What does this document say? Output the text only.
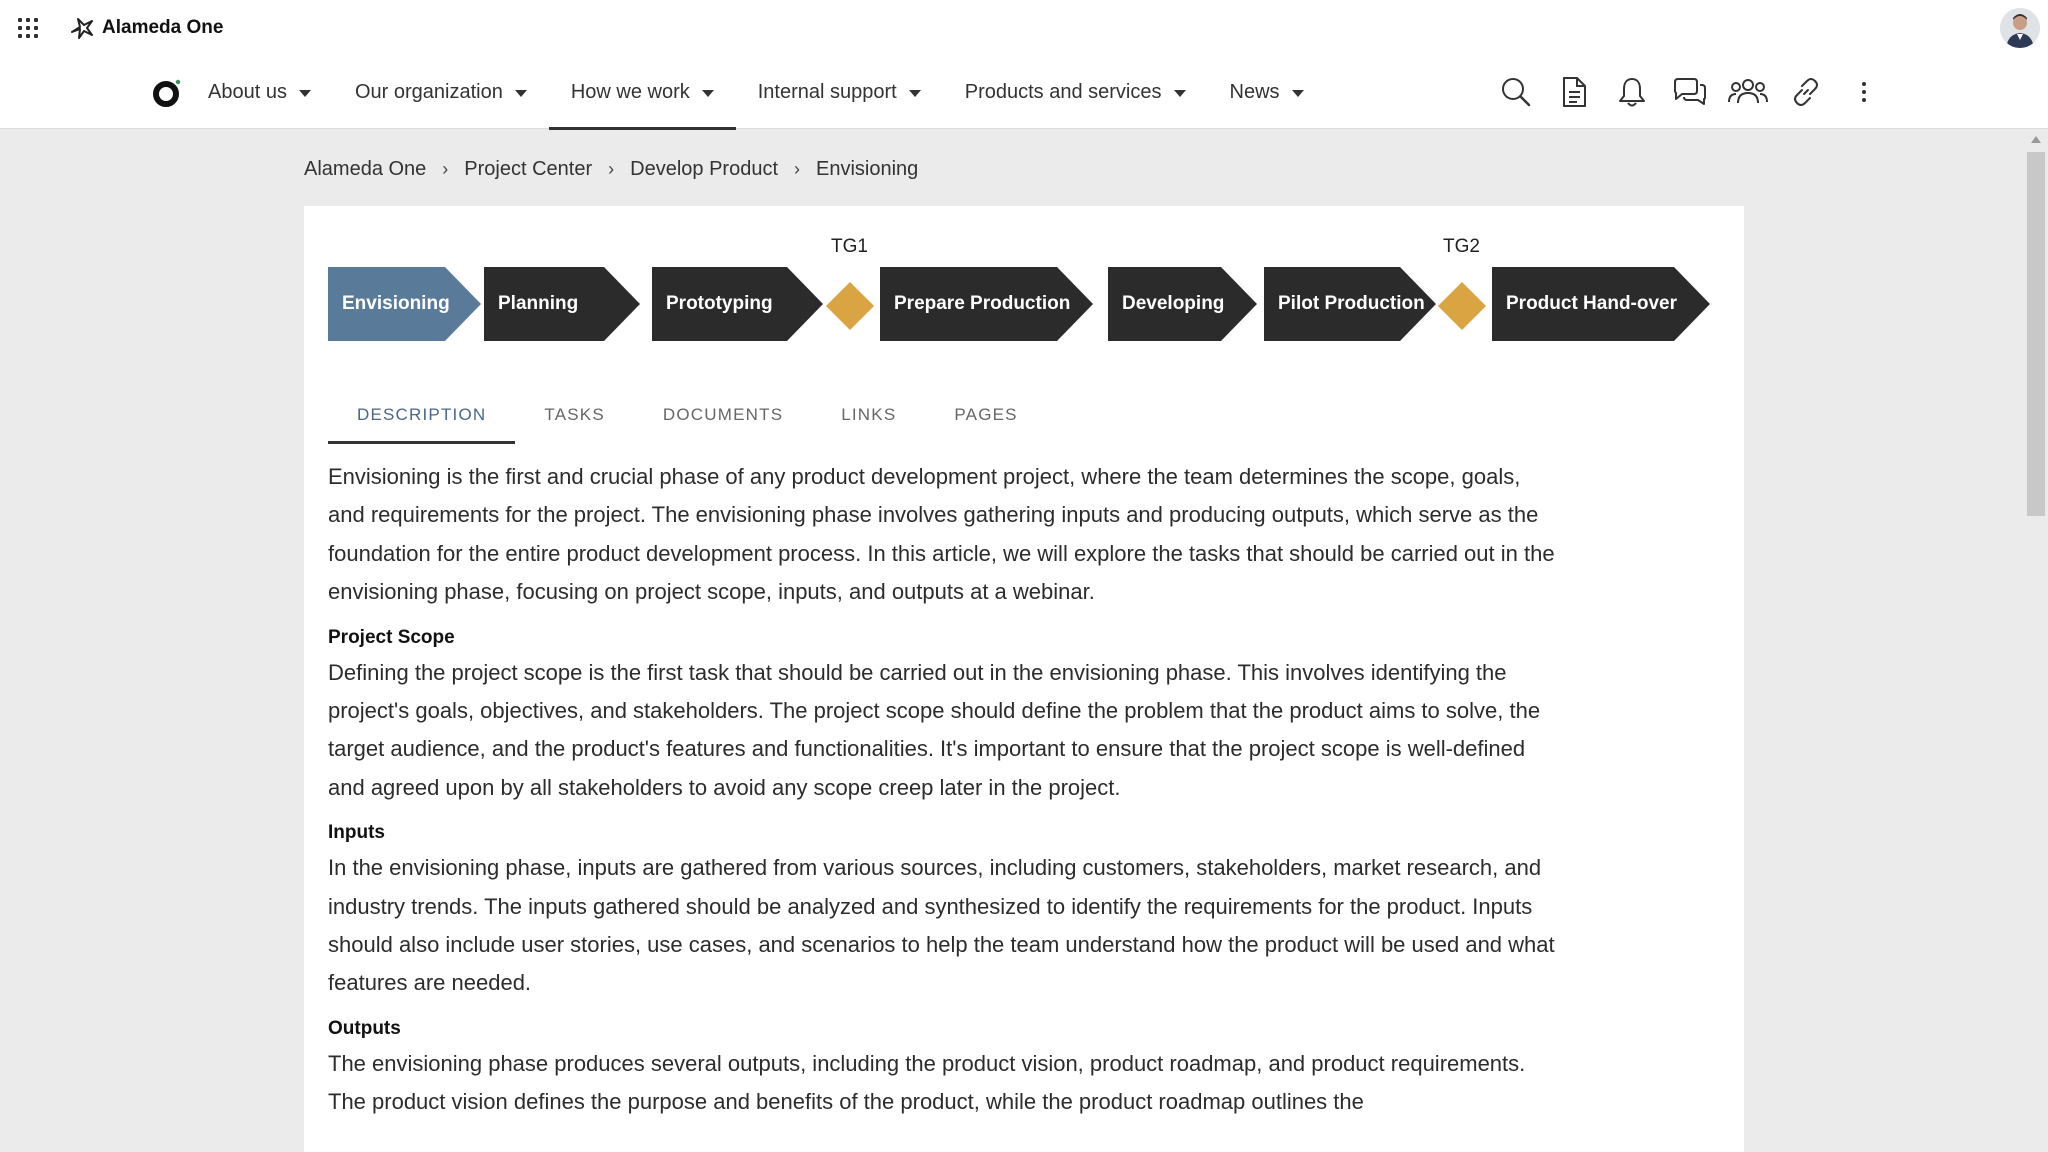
Alameda One
About us	Our organization	How we work	Internal support	Products and services	News
Alameda One › Project Center › Develop Product › Envisioning
TG1	TG2
Envisioning	Planning	Prototyping	Prepare Production	Developing	Pilot Production	Product Hand-over
DESCRIPTION	TASKS	DOCUMENTS	LINKS	PAGES

Envisioning is the first and crucial phase of any product development project, where the team determines the scope, goals, and requirements for the project. The envisioning phase involves gathering inputs and producing outputs, which serve as the foundation for the entire product development process. In this article, we will explore the tasks that should be carried out in the envisioning phase, focusing on project scope, inputs, and outputs at a webinar.

Project Scope

Defining the project scope is the first task that should be carried out in the envisioning phase. This involves identifying the project's goals, objectives, and stakeholders. The project scope should define the problem that the product aims to solve, the target audience, and the product's features and functionalities. It's important to ensure that the project scope is well-defined and agreed upon by all stakeholders to avoid any scope creep later in the project.

Inputs

In the envisioning phase, inputs are gathered from various sources, including customers, stakeholders, market research, and industry trends. The inputs gathered should be analyzed and synthesized to identify the requirements for the product. Inputs should also include user stories, use cases, and scenarios to help the team understand how the product will be used and what features are needed.

Outputs

The envisioning phase produces several outputs, including the product vision, product roadmap, and product requirements. The product vision defines the purpose and benefits of the product, while the product roadmap outlines the
